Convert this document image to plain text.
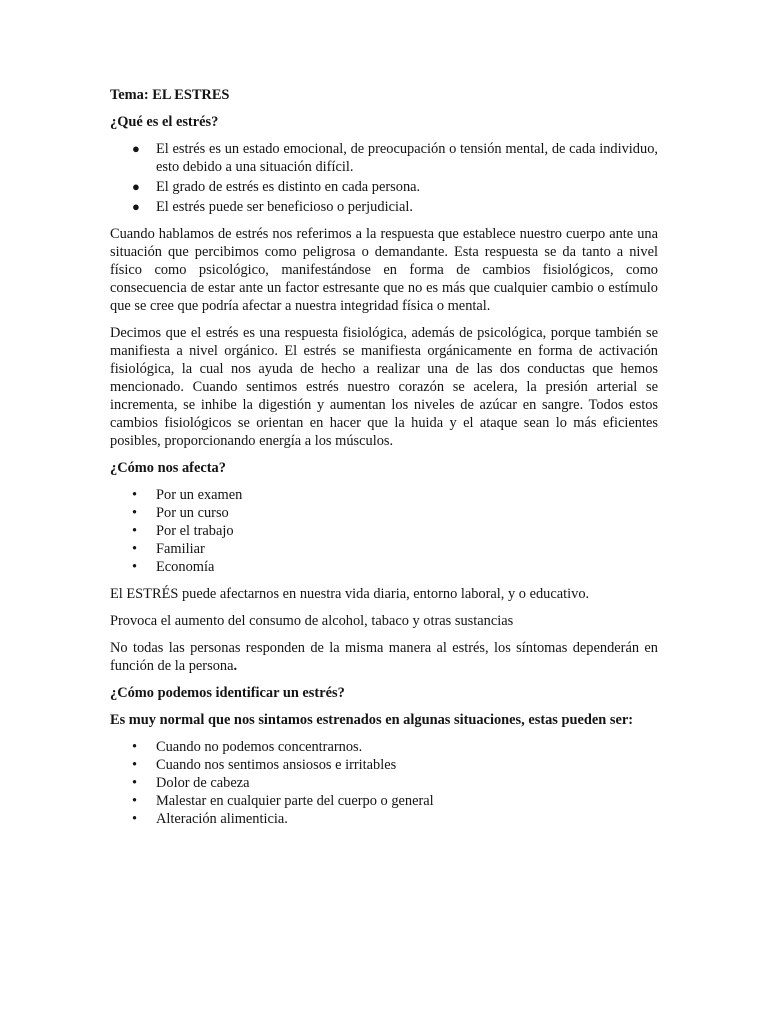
Tema: EL ESTRES

¿Qué es el estrés?

● El estrés es un estado emocional, de preocupación o tensión mental, de cada individuo, esto debido a una situación difícil.
● El grado de estrés es distinto en cada persona.
● El estrés puede ser beneficioso o perjudicial.

Cuando hablamos de estrés nos referimos a la respuesta que establece nuestro cuerpo ante una situación que percibimos como peligrosa o demandante. Esta respuesta se da tanto a nivel físico como psicológico, manifestándose en forma de cambios fisiológicos, como consecuencia de estar ante un factor estresante que no es más que cualquier cambio o estímulo que se cree que podría afectar a nuestra integridad física o mental.

Decimos que el estrés es una respuesta fisiológica, además de psicológica, porque también se manifiesta a nivel orgánico. El estrés se manifiesta orgánicamente en forma de activación fisiológica, la cual nos ayuda de hecho a realizar una de las dos conductas que hemos mencionado. Cuando sentimos estrés nuestro corazón se acelera, la presión arterial se incrementa, se inhibe la digestión y aumentan los niveles de azúcar en sangre. Todos estos cambios fisiológicos se orientan en hacer que la huida y el ataque sean lo más eficientes posibles, proporcionando energía a los músculos.

¿Cómo nos afecta?

•	Por un examen
•	Por un curso
•	Por el trabajo
•	Familiar
•	Economía

El ESTRÉS puede afectarnos en nuestra vida diaria, entorno laboral, y o educativo.

Provoca el aumento del consumo de alcohol, tabaco y otras sustancias

No todas las personas responden de la misma manera al estrés, los síntomas dependerán en función de la persona.

¿Cómo podemos identificar un estrés?

Es muy normal que nos sintamos estrenados en algunas situaciones, estas pueden ser:

•	Cuando no podemos concentrarnos.
•	Cuando nos sentimos ansiosos e irritables
•	Dolor de cabeza
•	Malestar en cualquier parte del cuerpo o general
•	Alteración alimenticia.
